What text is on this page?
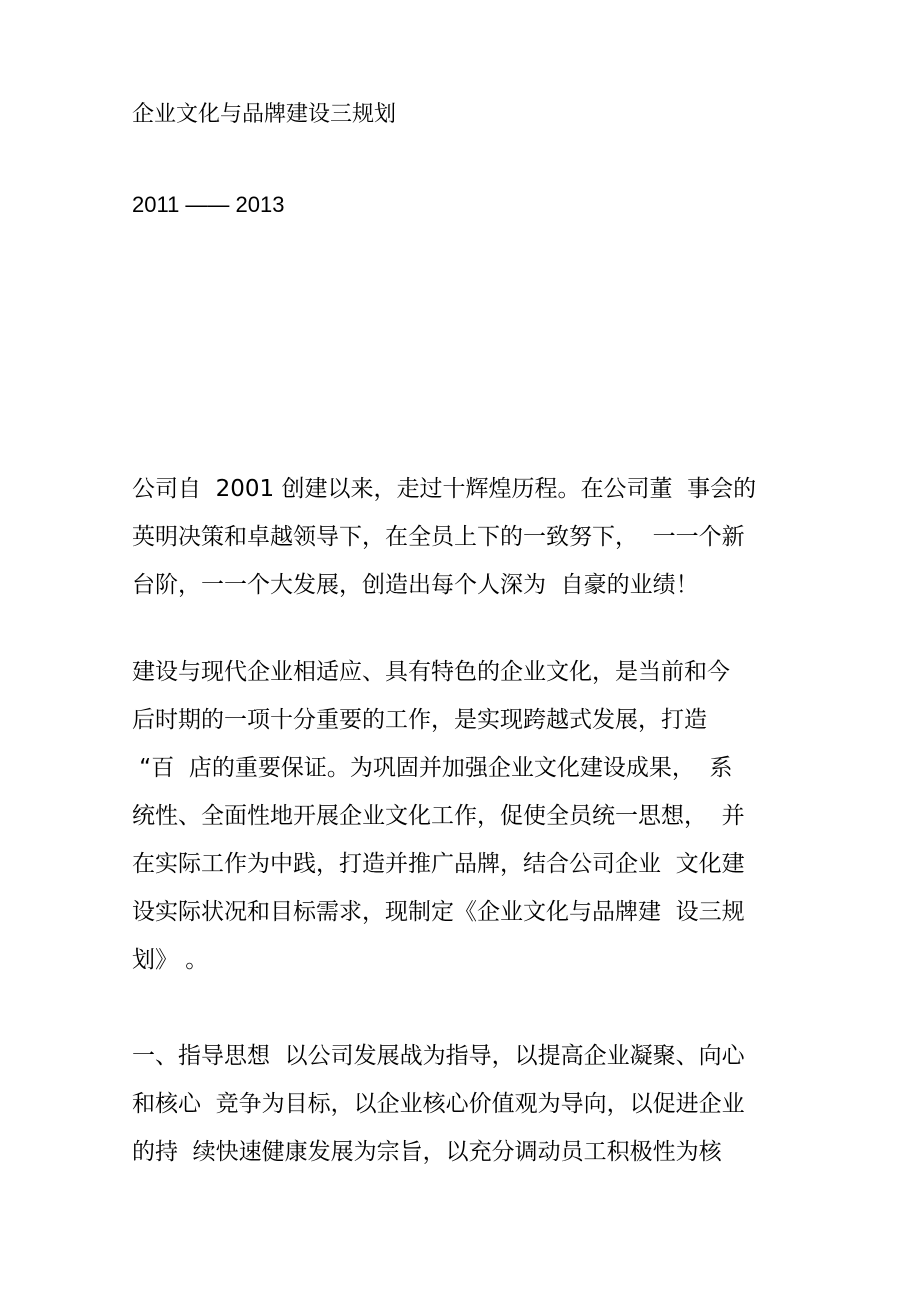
企业文化与品牌建设三规划
2011 —— 2013
公司自  2001 创建以来，走过十辉煌历程。在公司董  事会的
英明决策和卓越领导下，在全员上下的一致努下，  一一个新
台阶，一一个大发展，创造出每个人深为  自豪的业绩！
建设与现代企业相适应、具有特色的企业文化，是当前和今
后时期的一项十分重要的工作，是实现跨越式发展，打造
“百  店的重要保证。为巩固并加强企业文化建设成果，  系
统性、全面性地开展企业文化工作，促使全员统一思想，  并
在实际工作为中践，打造并推广品牌，结合公司企业  文化建
设实际状况和目标需求，现制定《企业文化与品牌建  设三规
划》 。
一、指导思想  以公司发展战为指导，以提高企业凝聚、向心
和核心  竞争为目标，以企业核心价值观为导向，以促进企业
的持  续快速健康发展为宗旨，以充分调动员工积极性为核
